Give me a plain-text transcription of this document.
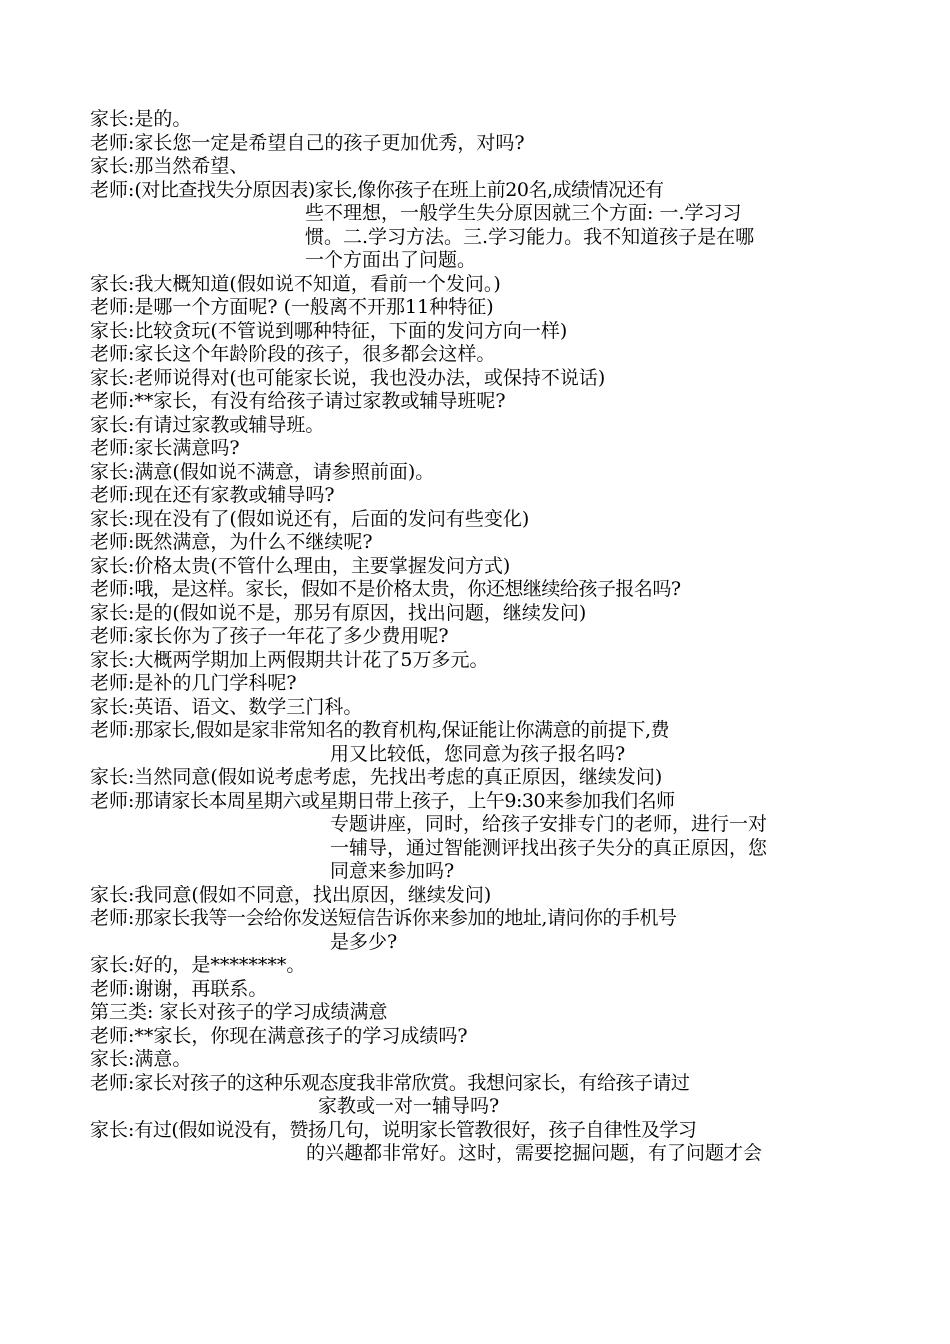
家长: 是的。
老师: 家长您一定是希望自己的孩子更加优秀，对吗?
家长: 那当然希望、
老师: (对比查找失分原因表)家长,像你孩子在班上前20名,成绩情况还有
些不理想，一般学生失分原因就三个方面: 一.学习习
惯。二.学习方法。三.学习能力。我不知道孩子是在哪
一个方面出了问题。
家长: 我大概知道(假如说不知道，看前一个发问。)
老师: 是哪一个方面呢? (一般离不开那11种特征)
家长: 比较贪玩(不管说到哪种特征，下面的发问方向一样)
老师: 家长这个年龄阶段的孩子，很多都会这样。
家长: 老师说得对(也可能家长说，我也没办法，或保持不说话)
老师: **家长，有没有给孩子请过家教或辅导班呢?
家长: 有请过家教或辅导班。
老师: 家长满意吗?
家长: 满意(假如说不满意，请参照前面)。
老师: 现在还有家教或辅导吗?
家长: 现在没有了(假如说还有，后面的发问有些变化)
老师: 既然满意，为什么不继续呢?
家长: 价格太贵(不管什么理由，主要掌握发问方式)
老师: 哦，是这样。家长，假如不是价格太贵，你还想继续给孩子报名吗?
家长: 是的(假如说不是，那另有原因，找出问题，继续发问)
老师: 家长你为了孩子一年花了多少费用呢?
家长: 大概两学期加上两假期共计花了5万多元。
老师: 是补的几门学科呢?
家长: 英语、语文、数学三门科。
老师: 那家长,假如是家非常知名的教育机构,保证能让你满意的前提下,费
用又比较低，您同意为孩子报名吗?
家长: 当然同意(假如说考虑考虑，先找出考虑的真正原因，继续发问)
老师: 那请家长本周星期六或星期日带上孩子，上午9:30来参加我们名师
专题讲座，同时，给孩子安排专门的老师，进行一对
一辅导，通过智能测评找出孩子失分的真正原因，您
同意来参加吗?
家长: 我同意(假如不同意，找出原因，继续发问)
老师: 那家长我等一会给你发送短信告诉你来参加的地址,请问你的手机号
是多少?
家长: 好的，是********。
老师: 谢谢，再联系。
第三类: 家长对孩子的学习成绩满意
老师: **家长，你现在满意孩子的学习成绩吗?
家长: 满意。
老师: 家长对孩子的这种乐观态度我非常欣赏。我想问家长，有给孩子请过
家教或一对一辅导吗?
家长: 有过(假如说没有，赞扬几句，说明家长管教很好，孩子自律性及学习
的兴趣都非常好。这时，需要挖掘问题，有了问题才会
